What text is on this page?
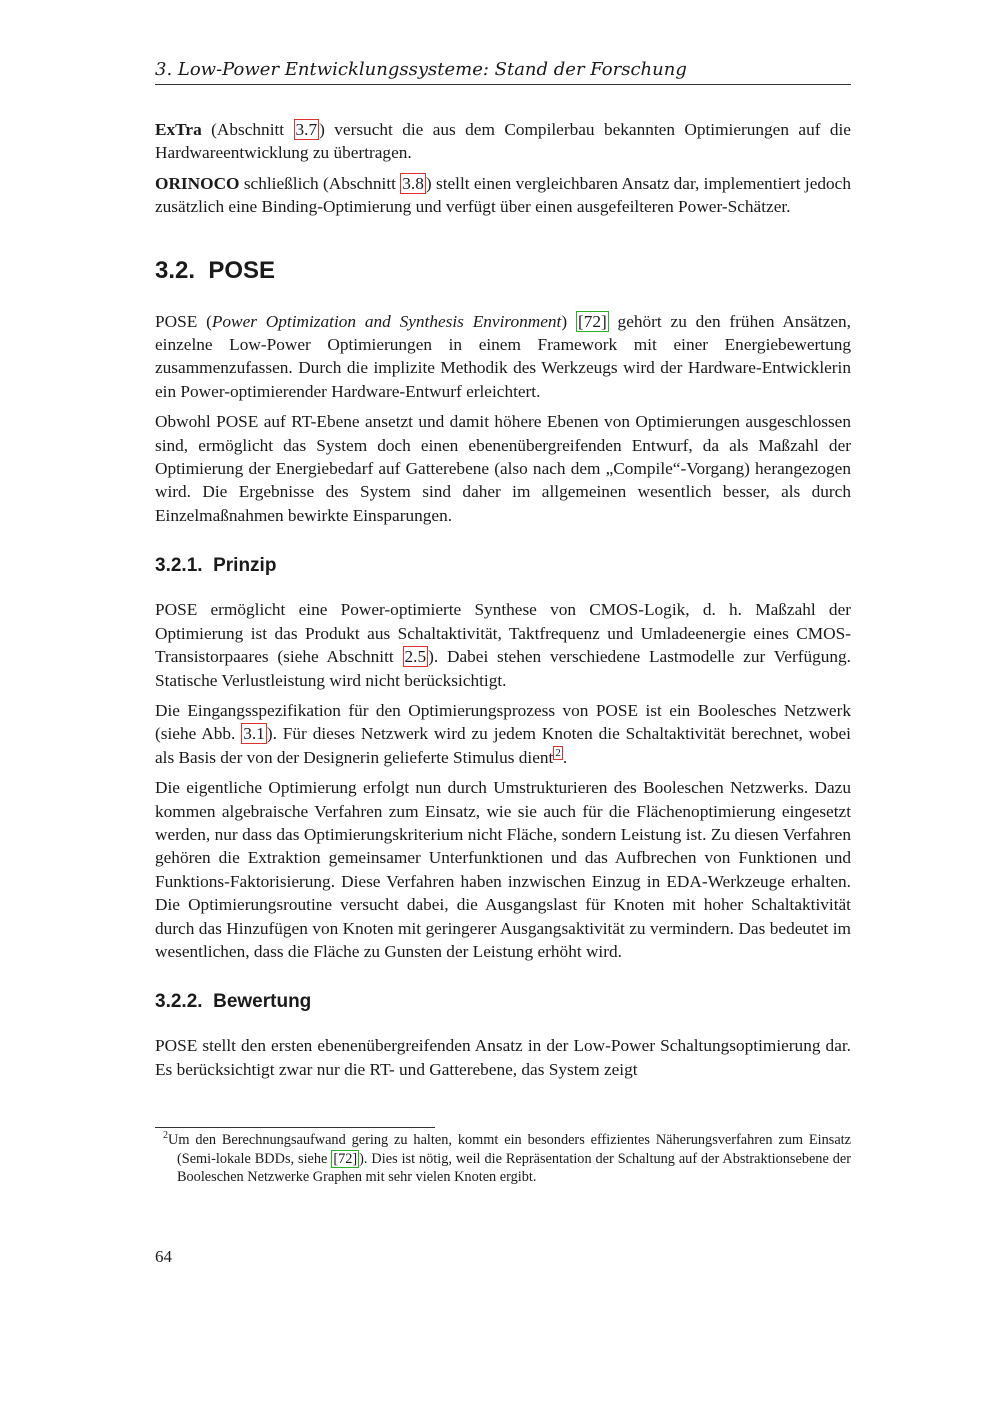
3. Low-Power Entwicklungssysteme: Stand der Forschung

ExTra (Abschnitt 3.7 ) versucht die aus dem Compilerbau bekannten Optimierungen auf die Hardwareentwicklung zu übertragen.

ORINOCO schließlich (Abschnitt 3.8 ) stellt einen vergleichbaren Ansatz dar, implementiert jedoch zusätzlich eine Binding-Optimierung und verfügt über einen ausgefeilteren Power-Schätzer.

3.2. POSE

POSE (Power Optimization and Synthesis Environment) [72] gehört zu den frühen Ansätzen, einzelne Low-Power Optimierungen in einem Framework mit einer Energiebewertung zusammenzufassen. Durch die implizite Methodik des Werkzeugs wird der Hardware-Entwicklerin ein Power-optimierender Hardware-Entwurf erleichtert.

Obwohl POSE auf RT-Ebene ansetzt und damit höhere Ebenen von Optimierungen ausgeschlossen sind, ermöglicht das System doch einen ebenenübergreifenden Entwurf, da als Maßzahl der Optimierung der Energiebedarf auf Gatterebene (also nach dem „Compile“-Vorgang) herangezogen wird. Die Ergebnisse des System sind daher im allgemeinen wesentlich besser, als durch Einzelmaßnahmen bewirkte Einsparungen.

3.2.1. Prinzip

POSE ermöglicht eine Power-optimierte Synthese von CMOS-Logik, d. h. Maßzahl der Optimierung ist das Produkt aus Schaltaktivität, Taktfrequenz und Umladeenergie eines CMOS-Transistorpaares (siehe Abschnitt 2.5 ). Dabei stehen verschiedene Lastmodelle zur Verfügung. Statische Verlustleistung wird nicht berücksichtigt.

Die Eingangsspezifikation für den Optimierungsprozess von POSE ist ein Boolesches Netzwerk (siehe Abb. 3.1 ). Für dieses Netzwerk wird zu jedem Knoten die Schaltaktivität berechnet, wobei als Basis der von der Designerin gelieferte Stimulus dient $^2$ .

Die eigentliche Optimierung erfolgt nun durch Umstrukturieren des Booleschen Netzwerks. Dazu kommen algebraische Verfahren zum Einsatz, wie sie auch für die Flächenoptimierung eingesetzt werden, nur dass das Optimierungskriterium nicht Fläche, sondern Leistung ist. Zu diesen Verfahren gehören die Extraktion gemeinsamer Unterfunktionen und das Aufbrechen von Funktionen und Funktions-Faktorisierung. Diese Verfahren haben inzwischen Einzug in EDA-Werkzeuge erhalten. Die Optimierungsroutine versucht dabei, die Ausgangslast für Knoten mit hoher Schaltaktivität durch das Hinzufügen von Knoten mit geringerer Ausgangsaktivität zu vermindern. Das bedeutet im wesentlichen, dass die Fläche zu Gunsten der Leistung erhöht wird.

3.2.2. Bewertung

POSE stellt den ersten ebenenübergreifenden Ansatz in der Low-Power Schaltungsoptimierung dar. Es berücksichtigt zwar nur die RT- und Gatterebene, das System zeigt

$^2$Um den Berechnungsaufwand gering zu halten, kommt ein besonders effizientes Näherungsverfahren zum Einsatz (Semi-lokale BDDs, siehe [72] ). Dies ist nötig, weil die Repräsentation der Schaltung auf der Abstraktionsebene der Booleschen Netzwerke Graphen mit sehr vielen Knoten ergibt.
64
